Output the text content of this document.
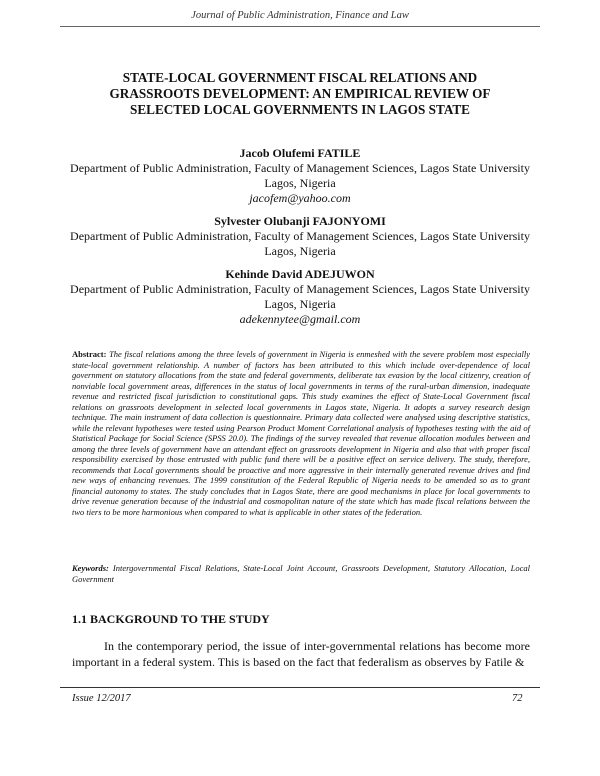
Journal of Public Administration, Finance and Law
STATE-LOCAL GOVERNMENT FISCAL RELATIONS AND
GRASSROOTS DEVELOPMENT: AN EMPIRICAL REVIEW OF
SELECTED LOCAL GOVERNMENTS IN LAGOS STATE
Jacob Olufemi FATILE
Department of Public Administration, Faculty of Management Sciences, Lagos State University
Lagos, Nigeria
jacofem@yahoo.com
Sylvester Olubanji FAJONYOMI
Department of Public Administration, Faculty of Management Sciences, Lagos State University
Lagos, Nigeria
Kehinde David ADEJUWON
Department of Public Administration, Faculty of Management Sciences, Lagos State University
Lagos, Nigeria
adekennytee@gmail.com

Abstract: The fiscal relations among the three levels of government in Nigeria is enmeshed with the severe problem most especially state-local government relationship. A number of factors has been attributed to this which include over-dependence of local government on statutory allocations from the state and federal governments, deliberate tax evasion by the local citizenry, creation of nonviable local government areas, differences in the status of local governments in terms of the rural-urban dimension, inadequate revenue and restricted fiscal jurisdiction to constitutional gaps. This study examines the effect of State-Local Government fiscal relations on grassroots development in selected local governments in Lagos state, Nigeria. It adopts a survey research design technique. The main instrument of data collection is questionnaire. Primary data collected were analysed using descriptive statistics, while the relevant hypotheses were tested using Pearson Product Moment Correlational analysis of hypotheses testing with the aid of Statistical Package for Social Science (SPSS 20.0). The findings of the survey revealed that revenue allocation modules between and among the three levels of government have an attendant effect on grassroots development in Nigeria and also that with proper fiscal responsibility exercised by those entrusted with public fund there will be a positive effect on service delivery. The study, therefore, recommends that Local governments should be proactive and more aggressive in their internally generated revenue drives and find new ways of enhancing revenues. The 1999 constitution of the Federal Republic of Nigeria needs to be amended so as to grant financial autonomy to states. The study concludes that in Lagos State, there are good mechanisms in place for local governments to drive revenue generation because of the industrial and cosmopolitan nature of the state which has made fiscal relations between the two tiers to be more harmonious when compared to what is applicable in other states of the federation.

Keywords: Intergovernmental Fiscal Relations, State-Local Joint Account, Grassroots Development, Statutory Allocation, Local Government

1.1 BACKGROUND TO THE STUDY

In the contemporary period, the issue of inter-governmental relations has become more important in a federal system. This is based on the fact that federalism as observes by Fatile &

Issue 12/2017	72
